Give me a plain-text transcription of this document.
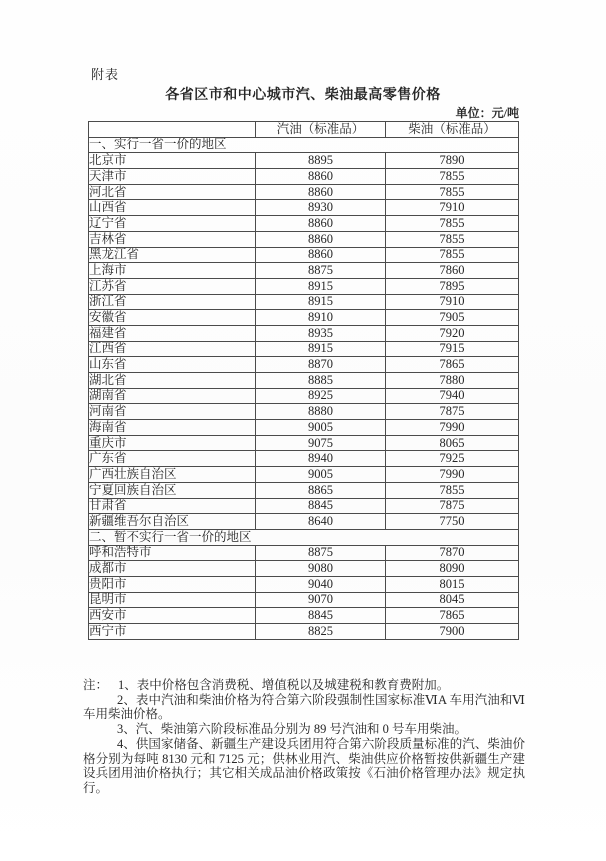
附表
各省区市和中心城市汽、柴油最高零售价格
单位：元/吨
	汽油（标准品）	柴油（标准品）
一、实行一省一价的地区		
北京市	8895	7890
天津市	8860	7855
河北省	8860	7855
山西省	8930	7910
辽宁省	8860	7855
吉林省	8860	7855
黑龙江省	8860	7855
上海市	8875	7860
江苏省	8915	7895
浙江省	8915	7910
安徽省	8910	7905
福建省	8935	7920
江西省	8915	7915
山东省	8870	7865
湖北省	8885	7880
湖南省	8925	7940
河南省	8880	7875
海南省	9005	7990
重庆市	9075	8065
广东省	8940	7925
广西壮族自治区	9005	7990
宁夏回族自治区	8865	7855
甘肃省	8845	7875
新疆维吾尔自治区	8640	7750
二、暂不实行一省一价的地区		
呼和浩特市	8875	7870
成都市	9080	8090
贵阳市	9040	8015
昆明市	9070	8045
西安市	8845	7865
西宁市	8825	7900

注： 1、表中价格包含消费税、增值税以及城建税和教育费附加。

2、表中汽油和柴油价格为符合第六阶段强制性国家标准ⅥA 车用汽油和Ⅵ车用柴油价格。

3、汽、柴油第六阶段标准品分别为 89 号汽油和 0 号车用柴油。

4、供国家储备、新疆生产建设兵团用符合第六阶段质量标准的汽、柴油价格分别为每吨 8130 元和 7125 元；供林业用汽、柴油供应价格暂按供新疆生产建设兵团用油价格执行；其它相关成品油价格政策按《石油价格管理办法》规定执行。
